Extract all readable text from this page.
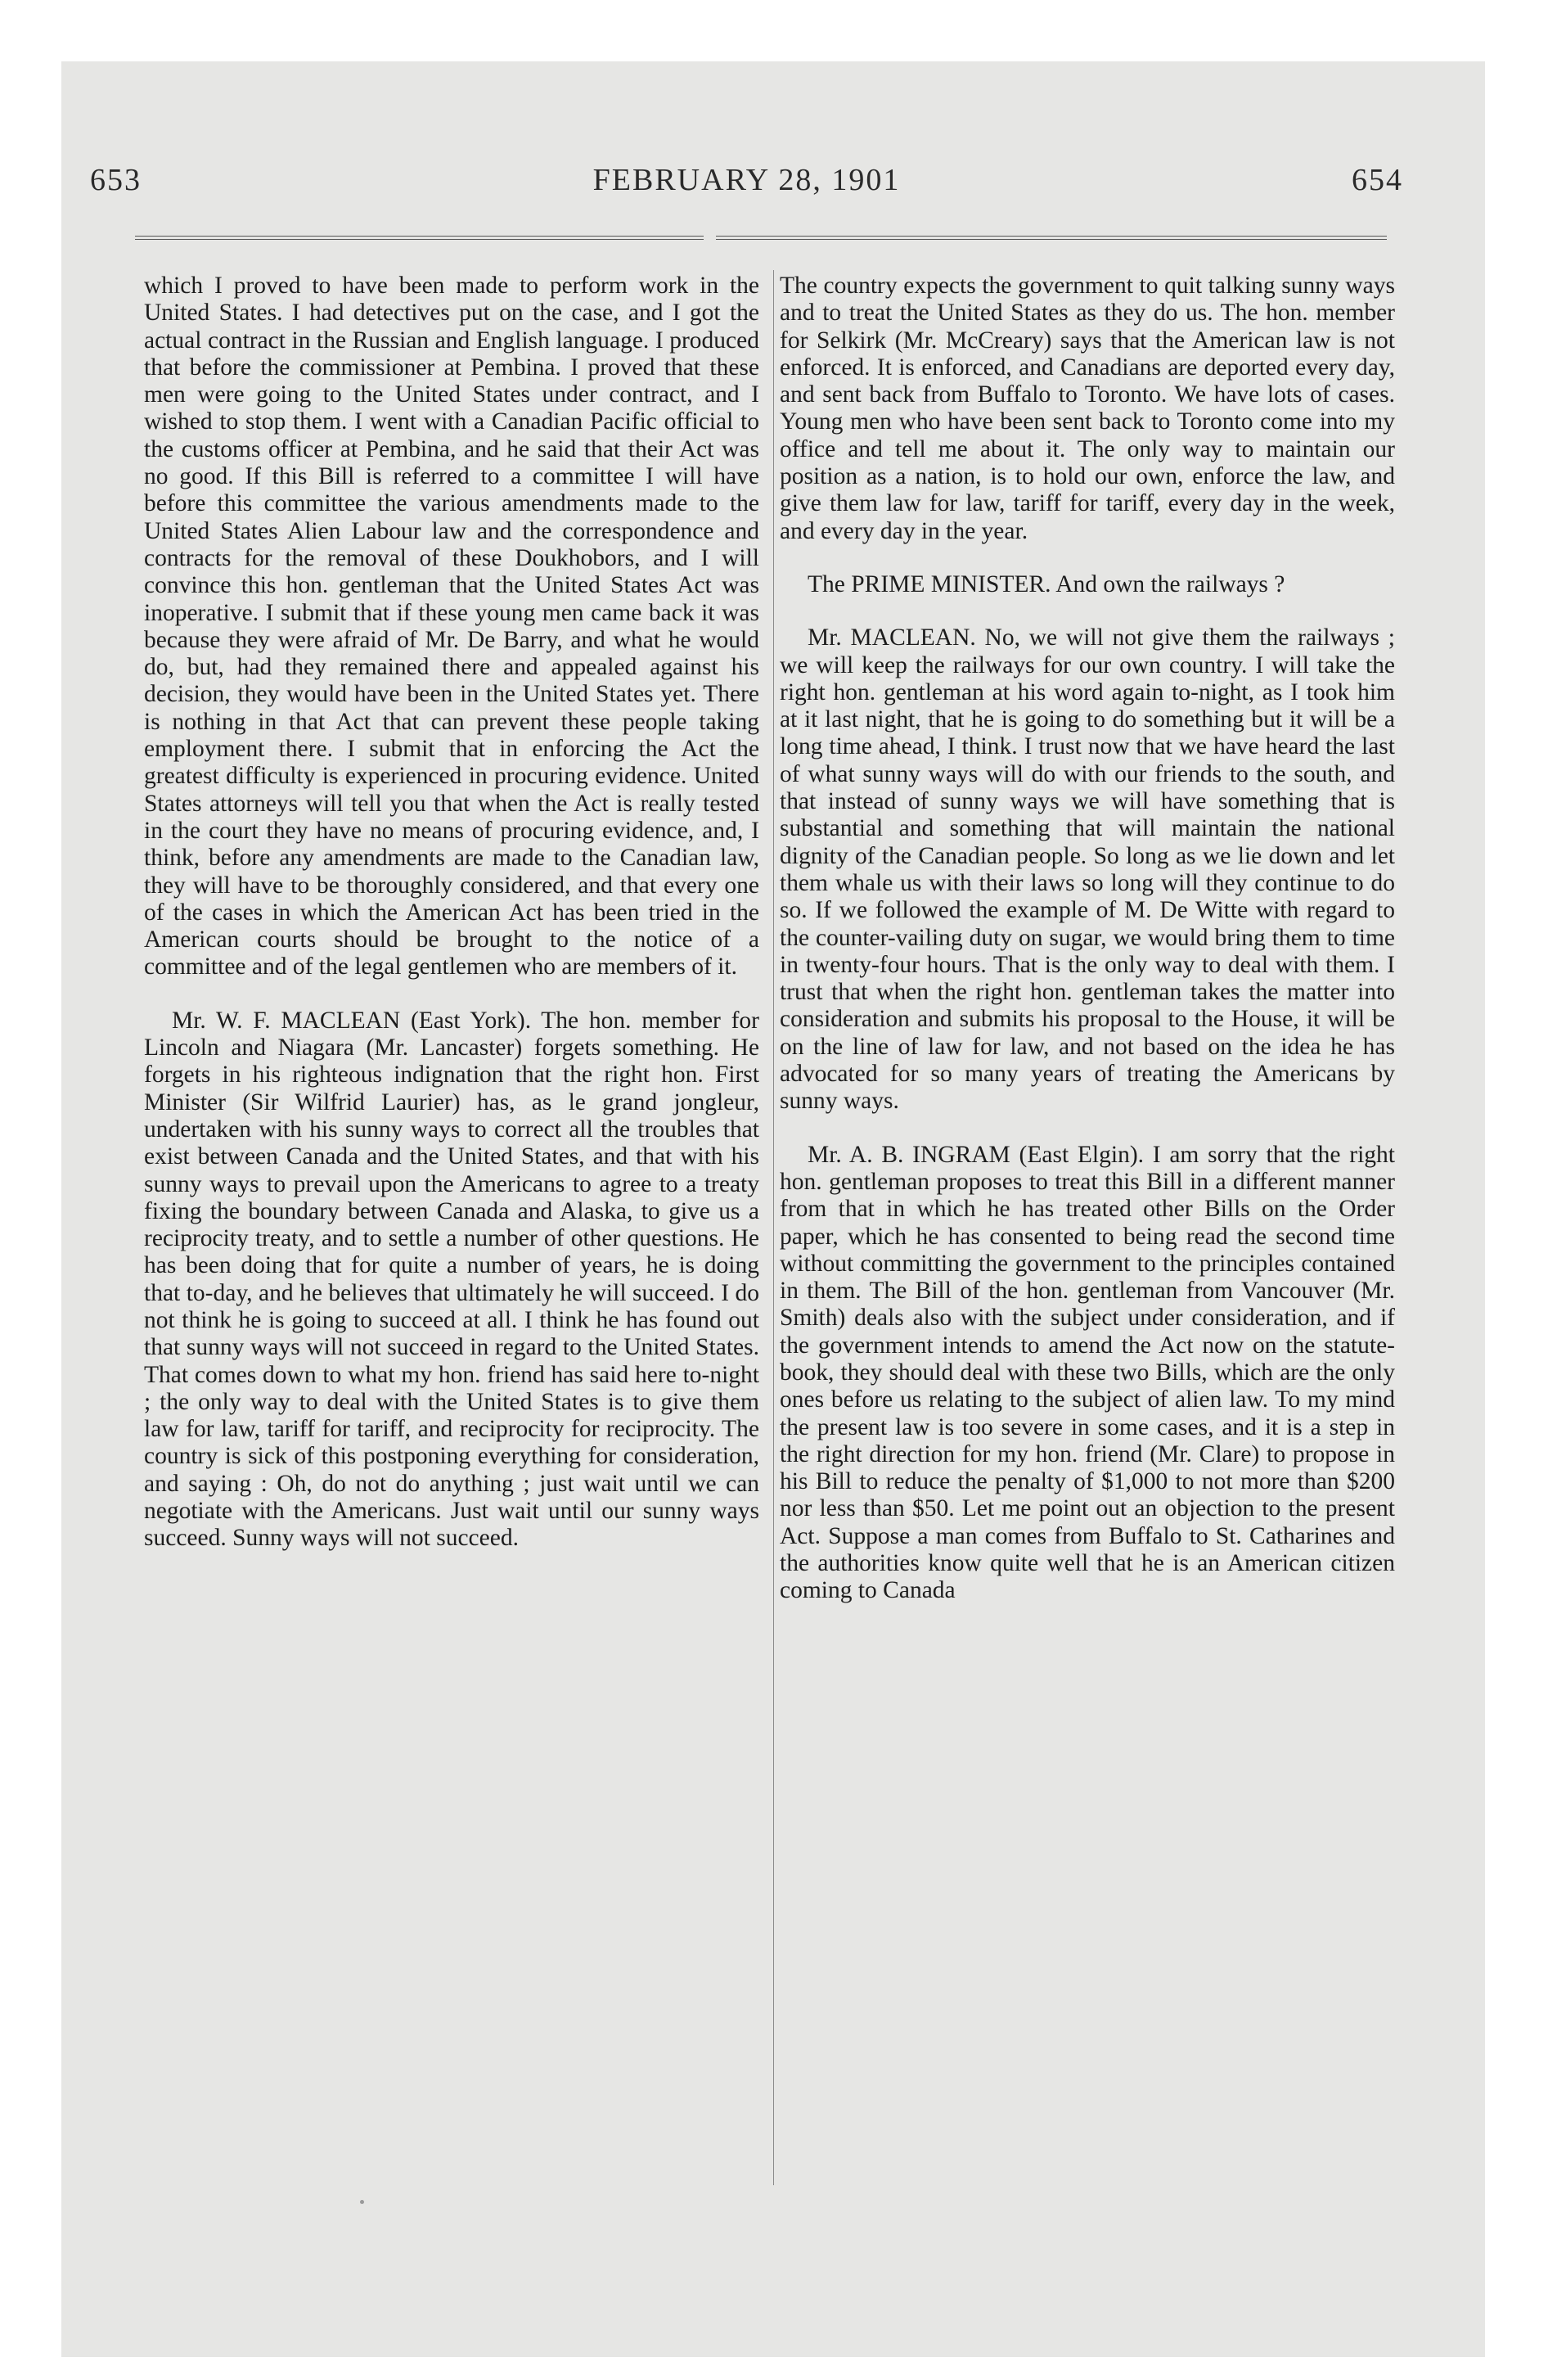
653	FEBRUARY 28, 1901	654

which I proved to have been made to perform work in the United States. I had detectives put on the case, and I got the actual contract in the Russian and English language. I produced that before the commissioner at Pembina. I proved that these men were going to the United States under contract, and I wished to stop them. I went with a Canadian Pacific official to the customs officer at Pembina, and he said that their Act was no good. If this Bill is referred to a committee I will have before this committee the various amendments made to the United States Alien Labour law and the correspondence and contracts for the removal of these Doukhobors, and I will convince this hon. gentleman that the United States Act was inoperative. I submit that if these young men came back it was because they were afraid of Mr. De Barry, and what he would do, but, had they remained there and appealed against his decision, they would have been in the United States yet. There is nothing in that Act that can prevent these people taking employment there. I submit that in enforcing the Act the greatest difficulty is experienced in procuring evidence. United States attorneys will tell you that when the Act is really tested in the court they have no means of procuring evidence, and, I think, before any amendments are made to the Canadian law, they will have to be thoroughly considered, and that every one of the cases in which the American Act has been tried in the American courts should be brought to the notice of a committee and of the legal gentlemen who are members of it.

Mr. W. F. MACLEAN (East York). The hon. member for Lincoln and Niagara (Mr. Lancaster) forgets something. He forgets in his righteous indignation that the right hon. First Minister (Sir Wilfrid Laurier) has, as le grand jongleur, undertaken with his sunny ways to correct all the troubles that exist between Canada and the United States, and that with his sunny ways to prevail upon the Americans to agree to a treaty fixing the boundary between Canada and Alaska, to give us a reciprocity treaty, and to settle a number of other questions. He has been doing that for quite a number of years, he is doing that to-day, and he believes that ultimately he will succeed. I do not think he is going to succeed at all. I think he has found out that sunny ways will not succeed in regard to the United States. That comes down to what my hon. friend has said here to-night ; the only way to deal with the United States is to give them law for law, tariff for tariff, and reciprocity for reciprocity. The country is sick of this postponing everything for consideration, and saying : Oh, do not do anything ; just wait until we can negotiate with the Americans. Just wait until our sunny ways succeed. Sunny ways will not succeed.

The country expects the government to quit talking sunny ways and to treat the United States as they do us. The hon. member for Selkirk (Mr. McCreary) says that the American law is not enforced. It is enforced, and Canadians are deported every day, and sent back from Buffalo to Toronto. We have lots of cases. Young men who have been sent back to Toronto come into my office and tell me about it. The only way to maintain our position as a nation, is to hold our own, enforce the law, and give them law for law, tariff for tariff, every day in the week, and every day in the year.

The PRIME MINISTER. And own the railways ?

Mr. MACLEAN. No, we will not give them the railways ; we will keep the railways for our own country. I will take the right hon. gentleman at his word again to-night, as I took him at it last night, that he is going to do something but it will be a long time ahead, I think. I trust now that we have heard the last of what sunny ways will do with our friends to the south, and that instead of sunny ways we will have something that is substantial and something that will maintain the national dignity of the Canadian people. So long as we lie down and let them whale us with their laws so long will they continue to do so. If we followed the example of M. De Witte with regard to the counter-vailing duty on sugar, we would bring them to time in twenty-four hours. That is the only way to deal with them. I trust that when the right hon. gentleman takes the matter into consideration and submits his proposal to the House, it will be on the line of law for law, and not based on the idea he has advocated for so many years of treating the Americans by sunny ways.

Mr. A. B. INGRAM (East Elgin). I am sorry that the right hon. gentleman proposes to treat this Bill in a different manner from that in which he has treated other Bills on the Order paper, which he has consented to being read the second time without committing the government to the principles contained in them. The Bill of the hon. gentleman from Vancouver (Mr. Smith) deals also with the subject under consideration, and if the government intends to amend the Act now on the statute-book, they should deal with these two Bills, which are the only ones before us relating to the subject of alien law. To my mind the present law is too severe in some cases, and it is a step in the right direction for my hon. friend (Mr. Clare) to propose in his Bill to reduce the penalty of $1,000 to not more than $200 nor less than $50. Let me point out an objection to the present Act. Suppose a man comes from Buffalo to St. Catharines and the authorities know quite well that he is an American citizen coming to Canada
